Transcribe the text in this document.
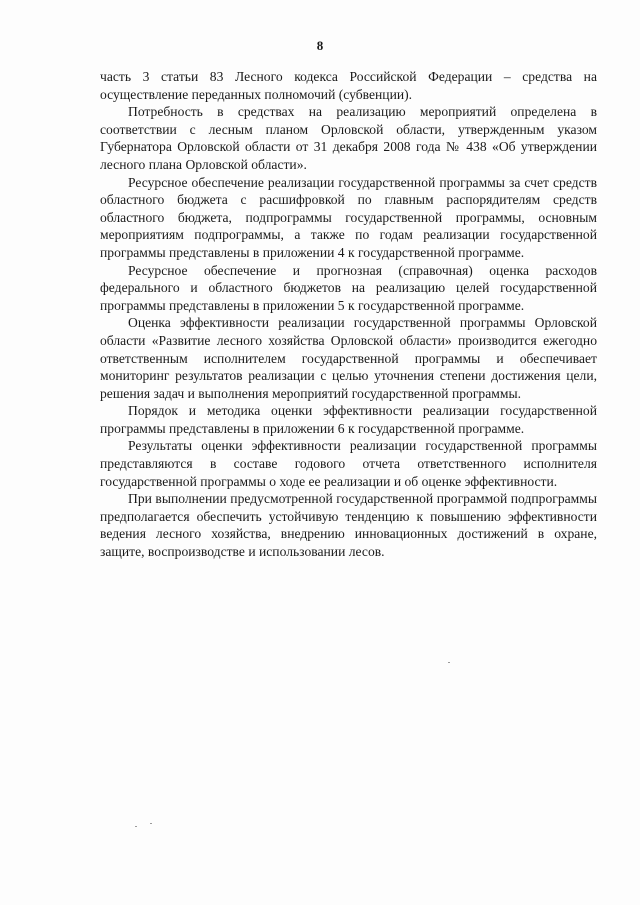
8

часть 3 статьи 83 Лесного кодекса Российской Федерации – средства на осуществление переданных полномочий (субвенции).

Потребность в средствах на реализацию мероприятий определена в соответствии с лесным планом Орловской области, утвержденным указом Губернатора Орловской области от 31 декабря 2008 года № 438 «Об утверждении лесного плана Орловской области».

Ресурсное обеспечение реализации государственной программы за счет средств областного бюджета с расшифровкой по главным распорядителям средств областного бюджета, подпрограммы государственной программы, основным мероприятиям подпрограммы, а также по годам реализации государственной программы представлены в приложении 4 к государственной программе.

Ресурсное обеспечение и прогнозная (справочная) оценка расходов федерального и областного бюджетов на реализацию целей государственной программы представлены в приложении 5 к государственной программе.

Оценка эффективности реализации государственной программы Орловской области «Развитие лесного хозяйства Орловской области» производится ежегодно ответственным исполнителем государственной программы и обеспечивает мониторинг результатов реализации с целью уточнения степени достижения цели, решения задач и выполнения мероприятий государственной программы.

Порядок и методика оценки эффективности реализации государственной программы представлены в приложении 6 к государственной программе.

Результаты оценки эффективности реализации государственной программы представляются в составе годового отчета ответственного исполнителя государственной программы о ходе ее реализации и об оценке эффективности.

При выполнении предусмотренной государственной программой подпрограммы предполагается обеспечить устойчивую тенденцию к повышению эффективности ведения лесного хозяйства, внедрению инновационных достижений в охране, защите, воспроизводстве и использовании лесов.
